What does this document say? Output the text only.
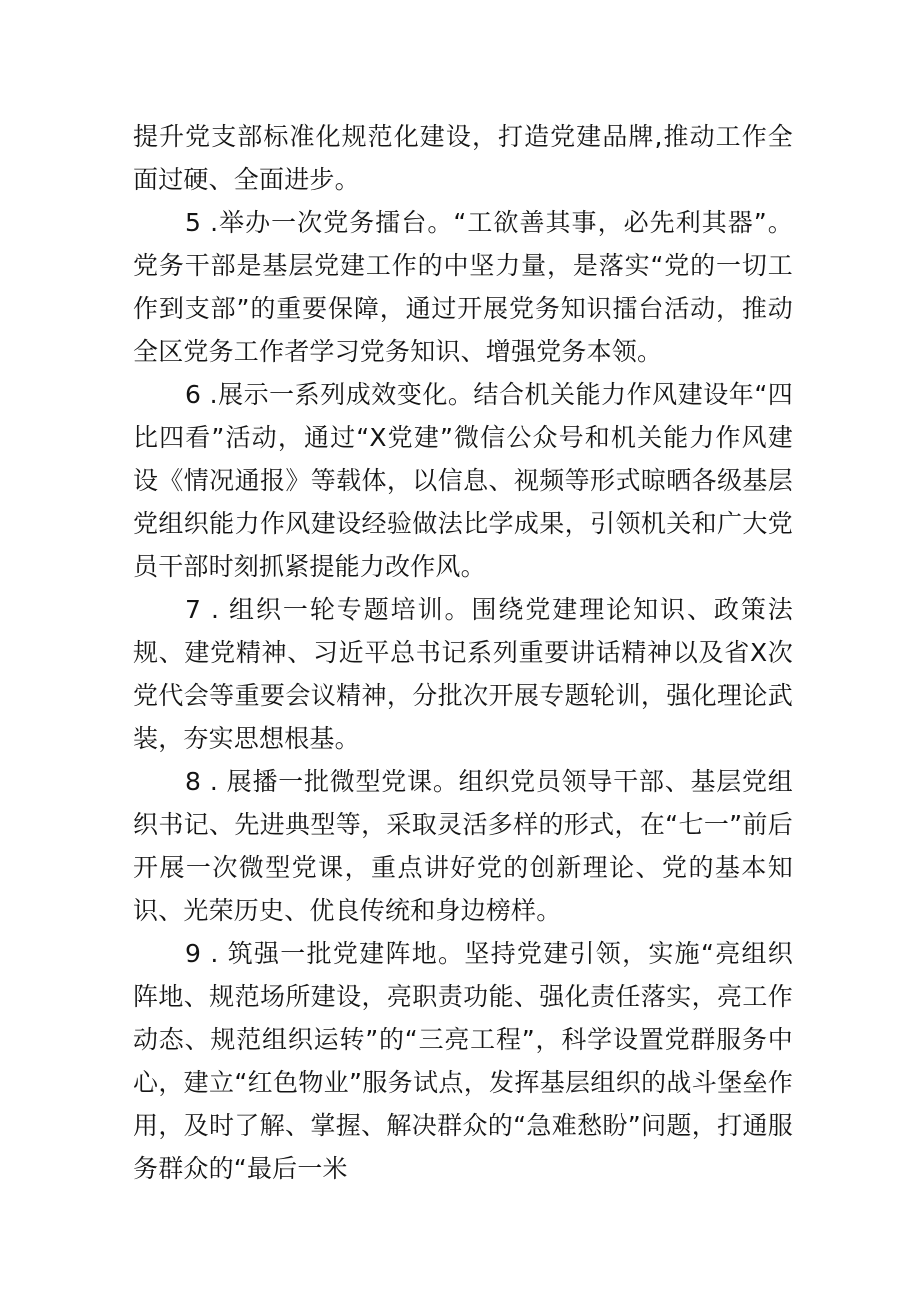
提升党支部标准化规范化建设，打造党建品牌,推动工作全面过硬、全面进步。

5 .举办一次党务擂台。“工欲善其事，必先利其器”。党务干部是基层党建工作的中坚力量，是落实“党的一切工作到支部”的重要保障，通过开展党务知识擂台活动，推动全区党务工作者学习党务知识、增强党务本领。

6 .展示一系列成效变化。结合机关能力作风建设年“四比四看”活动，通过“X党建”微信公众号和机关能力作风建设《情况通报》等载体，以信息、视频等形式晾晒各级基层党组织能力作风建设经验做法比学成果，引领机关和广大党员干部时刻抓紧提能力改作风。

7 . 组织一轮专题培训。围绕党建理论知识、政策法规、建党精神、习近平总书记系列重要讲话精神以及省X次党代会等重要会议精神，分批次开展专题轮训，强化理论武装，夯实思想根基。

8 . 展播一批微型党课。组织党员领导干部、基层党组织书记、先进典型等，采取灵活多样的形式，在“七一”前后开展一次微型党课，重点讲好党的创新理论、党的基本知识、光荣历史、优良传统和身边榜样。

9 . 筑强一批党建阵地。坚持党建引领，实施“亮组织阵地、规范场所建设，亮职责功能、强化责任落实，亮工作动态、规范组织运转”的“三亮工程”，科学设置党群服务中心，建立“红色物业”服务试点，发挥基层组织的战斗堡垒作用，及时了解、掌握、解决群众的“急难愁盼”问题，打通服务群众的“最后一米
